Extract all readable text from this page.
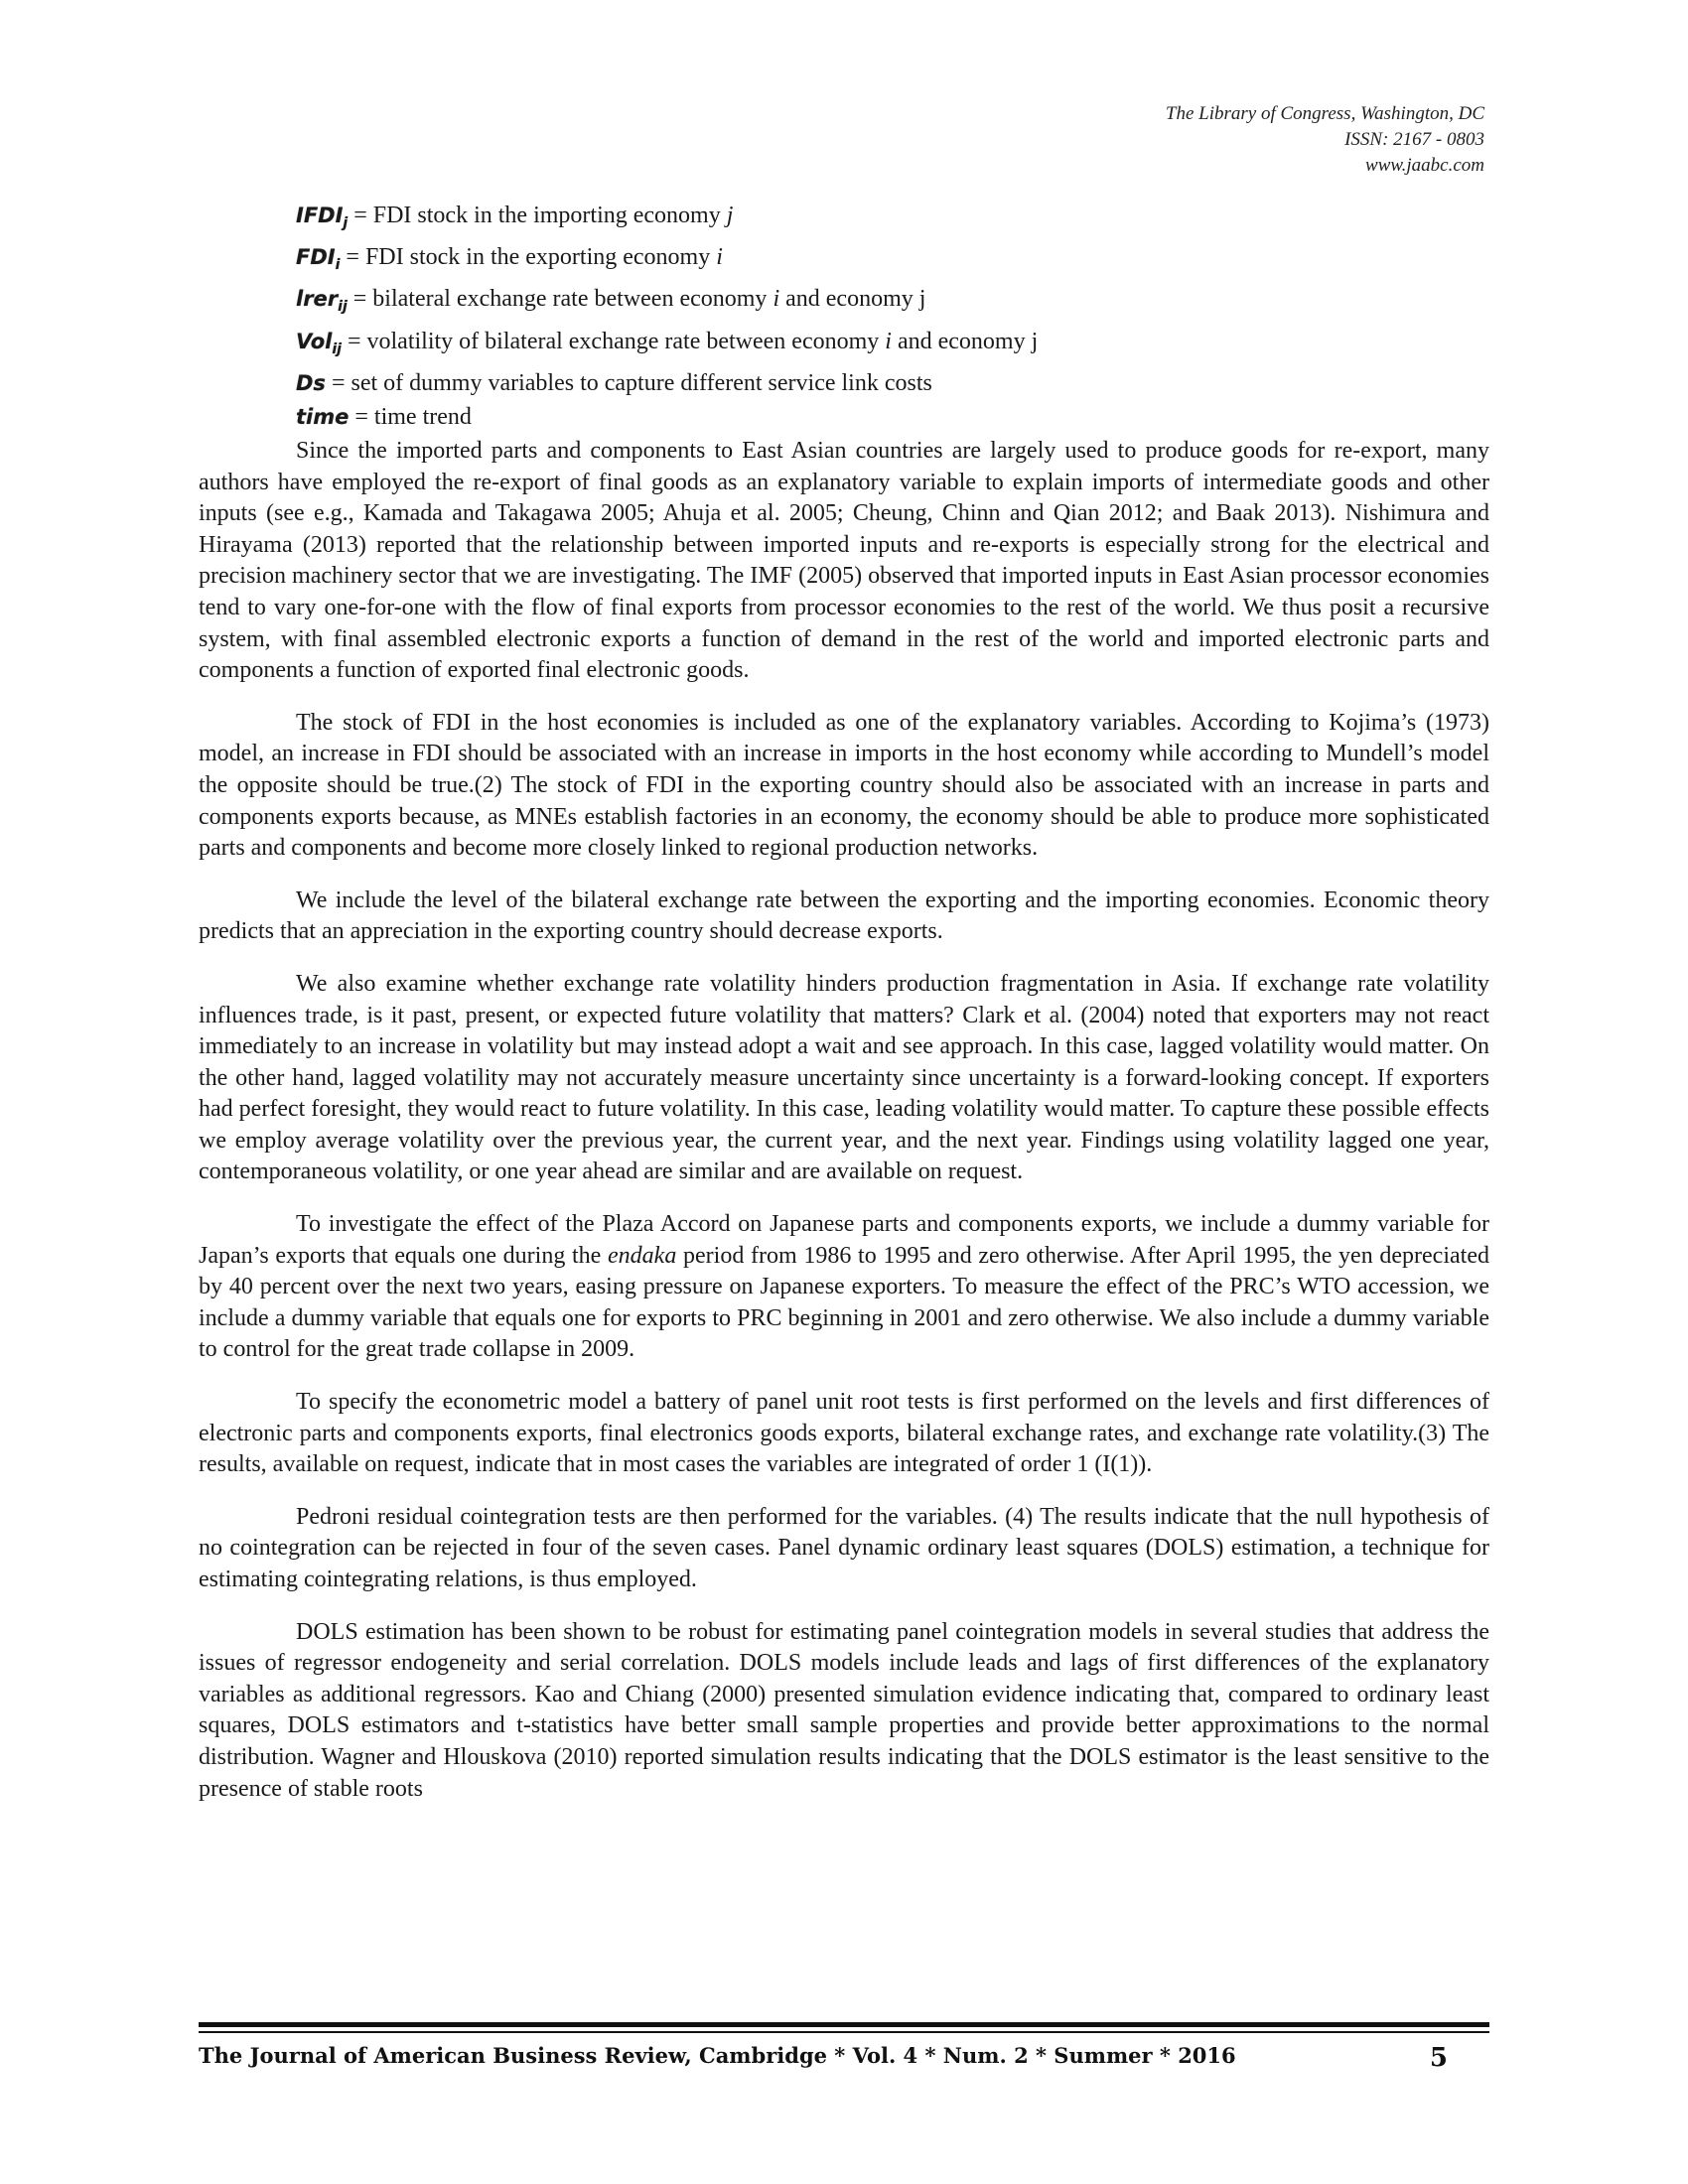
The Library of Congress, Washington, DC
ISSN: 2167 - 0803
www.jaabc.com
$IFDI_j$ = FDI stock in the importing economy j
$FDI_i$ = FDI stock in the exporting economy i
lrer$_{ij}$ = bilateral exchange rate between economy i and economy j
Vol$_{ij}$ = volatility of bilateral exchange rate between economy i and economy j
Ds = set of dummy variables to capture different service link costs
time = time trend

Since the imported parts and components to East Asian countries are largely used to produce goods for re-export, many authors have employed the re-export of final goods as an explanatory variable to explain imports of intermediate goods and other inputs (see e.g., Kamada and Takagawa 2005; Ahuja et al. 2005; Cheung, Chinn and Qian 2012; and Baak 2013). Nishimura and Hirayama (2013) reported that the relationship between imported inputs and re-exports is especially strong for the electrical and precision machinery sector that we are investigating. The IMF (2005) observed that imported inputs in East Asian processor economies tend to vary one-for-one with the flow of final exports from processor economies to the rest of the world. We thus posit a recursive system, with final assembled electronic exports a function of demand in the rest of the world and imported electronic parts and components a function of exported final electronic goods.

The stock of FDI in the host economies is included as one of the explanatory variables. According to Kojima’s (1973) model, an increase in FDI should be associated with an increase in imports in the host economy while according to Mundell’s model the opposite should be true.(2) The stock of FDI in the exporting country should also be associated with an increase in parts and components exports because, as MNEs establish factories in an economy, the economy should be able to produce more sophisticated parts and components and become more closely linked to regional production networks.

We include the level of the bilateral exchange rate between the exporting and the importing economies. Economic theory predicts that an appreciation in the exporting country should decrease exports.

We also examine whether exchange rate volatility hinders production fragmentation in Asia. If exchange rate volatility influences trade, is it past, present, or expected future volatility that matters? Clark et al. (2004) noted that exporters may not react immediately to an increase in volatility but may instead adopt a wait and see approach. In this case, lagged volatility would matter. On the other hand, lagged volatility may not accurately measure uncertainty since uncertainty is a forward-looking concept. If exporters had perfect foresight, they would react to future volatility. In this case, leading volatility would matter. To capture these possible effects we employ average volatility over the previous year, the current year, and the next year. Findings using volatility lagged one year, contemporaneous volatility, or one year ahead are similar and are available on request.

To investigate the effect of the Plaza Accord on Japanese parts and components exports, we include a dummy variable for Japan’s exports that equals one during the endaka period from 1986 to 1995 and zero otherwise. After April 1995, the yen depreciated by 40 percent over the next two years, easing pressure on Japanese exporters. To measure the effect of the PRC’s WTO accession, we include a dummy variable that equals one for exports to PRC beginning in 2001 and zero otherwise. We also include a dummy variable to control for the great trade collapse in 2009.

To specify the econometric model a battery of panel unit root tests is first performed on the levels and first differences of electronic parts and components exports, final electronics goods exports, bilateral exchange rates, and exchange rate volatility.(3) The results, available on request, indicate that in most cases the variables are integrated of order 1 (I(1)).

Pedroni residual cointegration tests are then performed for the variables. (4) The results indicate that the null hypothesis of no cointegration can be rejected in four of the seven cases. Panel dynamic ordinary least squares (DOLS) estimation, a technique for estimating cointegrating relations, is thus employed.

DOLS estimation has been shown to be robust for estimating panel cointegration models in several studies that address the issues of regressor endogeneity and serial correlation. DOLS models include leads and lags of first differences of the explanatory variables as additional regressors. Kao and Chiang (2000) presented simulation evidence indicating that, compared to ordinary least squares, DOLS estimators and t-statistics have better small sample properties and provide better approximations to the normal distribution. Wagner and Hlouskova (2010) reported simulation results indicating that the DOLS estimator is the least sensitive to the presence of stable roots

The Journal of American Business Review, Cambridge * Vol. 4 * Num. 2 * Summer * 2016	5
